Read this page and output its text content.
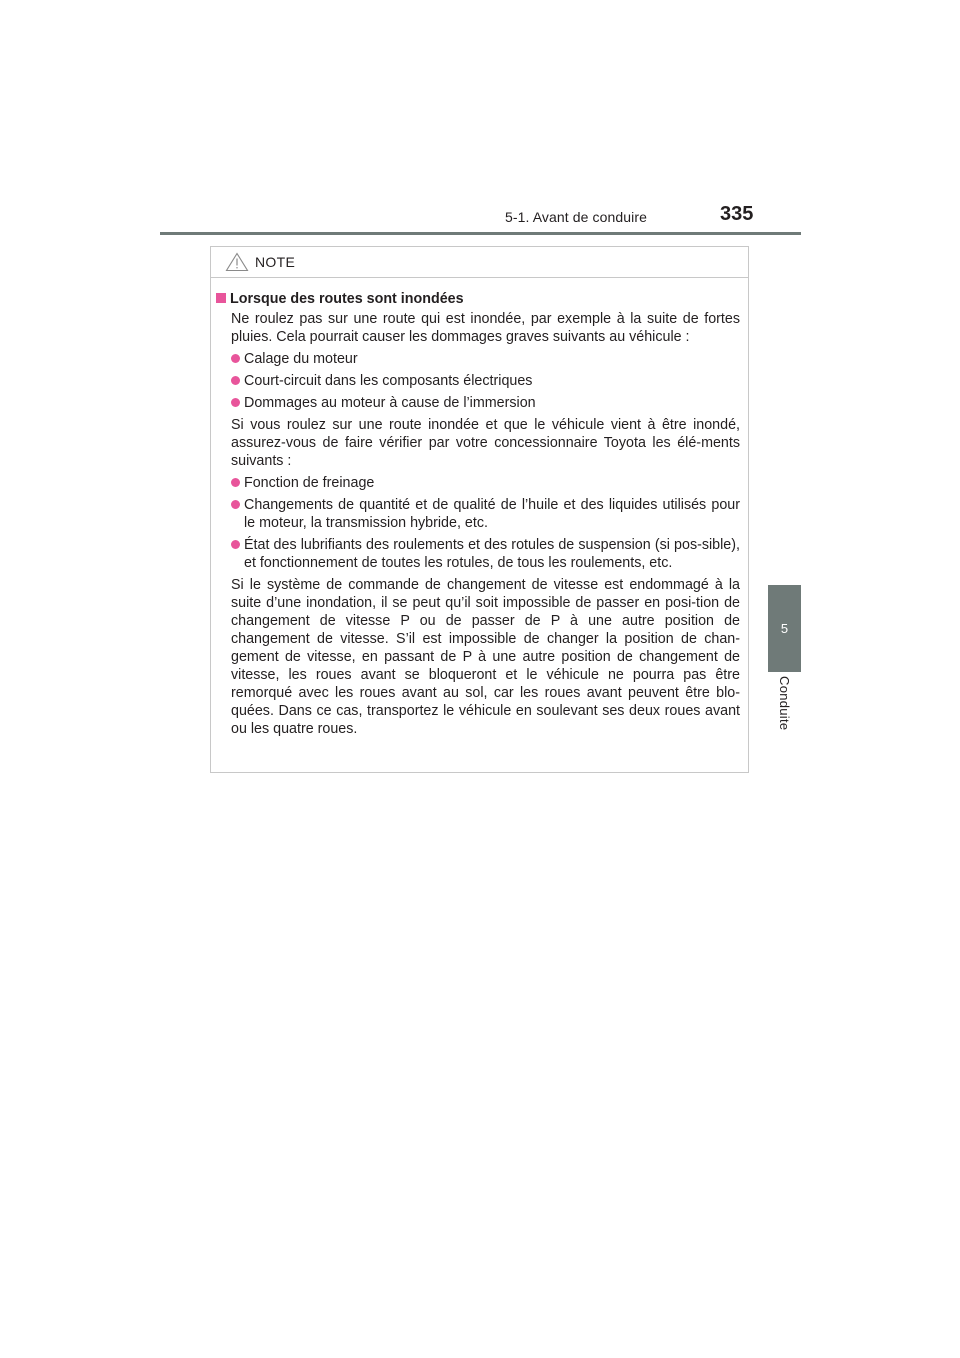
5-1. Avant de conduire	335
5
Conduite
NOTE
Lorsque des routes sont inondées
Ne roulez pas sur une route qui est inondée, par exemple à la suite de fortes pluies. Cela pourrait causer les dommages graves suivants au véhicule :
Calage du moteur
Court-circuit dans les composants électriques
Dommages au moteur à cause de l’immersion
Si vous roulez sur une route inondée et que le véhicule vient à être inondé, assurez-vous de faire vérifier par votre concessionnaire Toyota les élé-ments suivants :
Fonction de freinage
Changements de quantité et de qualité de l’huile et des liquides utilisés pour le moteur, la transmission hybride, etc.
État des lubrifiants des roulements et des rotules de suspension (si pos-sible), et fonctionnement de toutes les rotules, de tous les roulements, etc.
Si le système de commande de changement de vitesse est endommagé à la suite d’une inondation, il se peut qu’il soit impossible de passer en posi-tion de changement de vitesse P ou de passer de P à une autre position de changement de vitesse. S’il est impossible de changer la position de chan-gement de vitesse, en passant de P à une autre position de changement de vitesse, les roues avant se bloqueront et le véhicule ne pourra pas être remorqué avec les roues avant au sol, car les roues avant peuvent être blo-quées. Dans ce cas, transportez le véhicule en soulevant ses deux roues avant ou les quatre roues.
